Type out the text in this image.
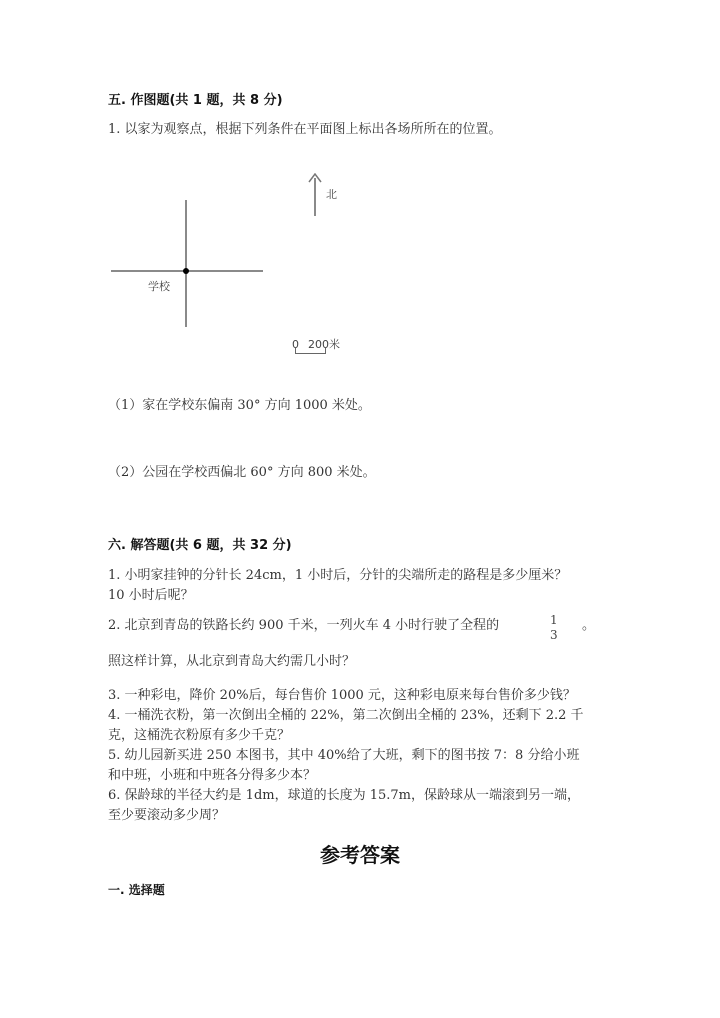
五. 作图题(共 1 题，共 8 分)
1. 以家为观察点，根据下列条件在平面图上标出各场所所在的位置。
北
学校
0 200米
（1）家在学校东偏南 30° 方向 1000 米处。
（2）公园在学校西偏北 60° 方向 800 米处。
六. 解答题(共 6 题，共 32 分)
1. 小明家挂钟的分针长 24cm，1 小时后，分针的尖端所走的路程是多少厘米？
10 小时后呢？
2. 北京到青岛的铁路长约 900 千米，一列火车 4 小时行驶了全程的	1
3
。
照这样计算，从北京到青岛大约需几小时？
3. 一种彩电，降价 20%后，每台售价 1000 元，这种彩电原来每台售价多少钱？
4. 一桶洗衣粉，第一次倒出全桶的 22%，第二次倒出全桶的 23%，还剩下 2.2 千
克，这桶洗衣粉原有多少千克？
5. 幼儿园新买进 250 本图书，其中 40%给了大班，剩下的图书按 7：8 分给小班
和中班，小班和中班各分得多少本？
6. 保龄球的半径大约是 1dm，球道的长度为 15.7m，保龄球从一端滚到另一端，
至少要滚动多少周？
参考答案
一. 选择题
